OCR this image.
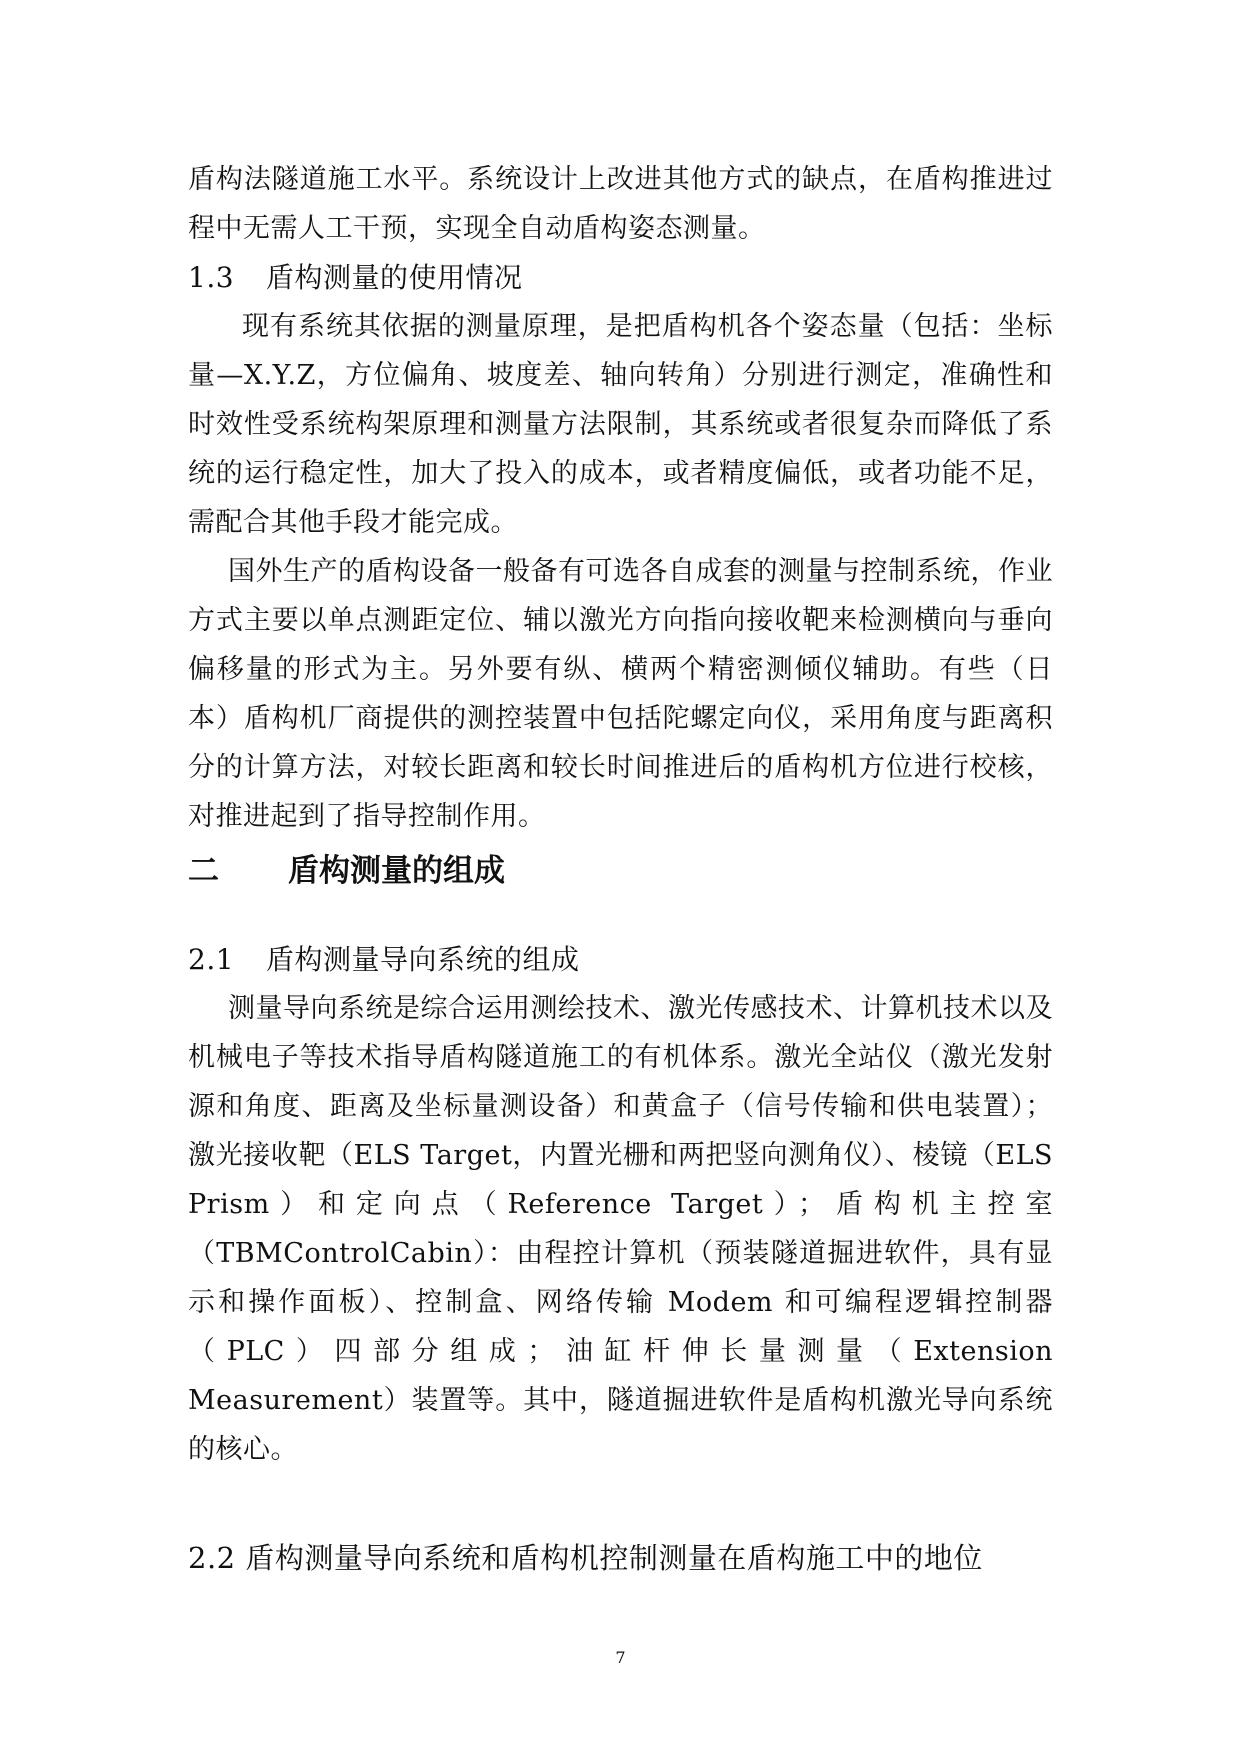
盾构法隧道施工水平。系统设计上改进其他方式的缺点，在盾构推进过程中无需人工干预，实现全自动盾构姿态测量。

1.3 盾构测量的使用情况

现有系统其依据的测量原理，是把盾构机各个姿态量（包括：坐标量—X.Y.Z，方位偏角、坡度差、轴向转角）分别进行测定，准确性和时效性受系统构架原理和测量方法限制，其系统或者很复杂而降低了系统的运行稳定性，加大了投入的成本，或者精度偏低，或者功能不足，需配合其他手段才能完成。

国外生产的盾构设备一般备有可选各自成套的测量与控制系统，作业方式主要以单点测距定位、辅以激光方向指向接收靶来检测横向与垂向偏移量的形式为主。另外要有纵、横两个精密测倾仪辅助。有些（日本）盾构机厂商提供的测控装置中包括陀螺定向仪，采用角度与距离积分的计算方法，对较长距离和较长时间推进后的盾构机方位进行校核，对推进起到了指导控制作用。

二 盾构测量的组成
2.1 盾构测量导向系统的组成

测量导向系统是综合运用测绘技术、激光传感技术、计算机技术以及机械电子等技术指导盾构隧道施工的有机体系。激光全站仪（激光发射源和角度、距离及坐标量测设备）和黄盒子（信号传输和供电装置）；激光接收靶（ELS Target，内置光栅和两把竖向测角仪）、棱镜（ELS Prism）和定向点（Reference Target）；盾构机主控室（TBMControlCabin）：由程控计算机（预装隧道掘进软件，具有显示和操作面板）、控制盒、网络传输 Modem 和可编程逻辑控制器（PLC）四部分组成；油缸杆伸长量测量（Extension Measurement）装置等。其中，隧道掘进软件是盾构机激光导向系统的核心。

2.2 盾构测量导向系统和盾构机控制测量在盾构施工中的地位
7
